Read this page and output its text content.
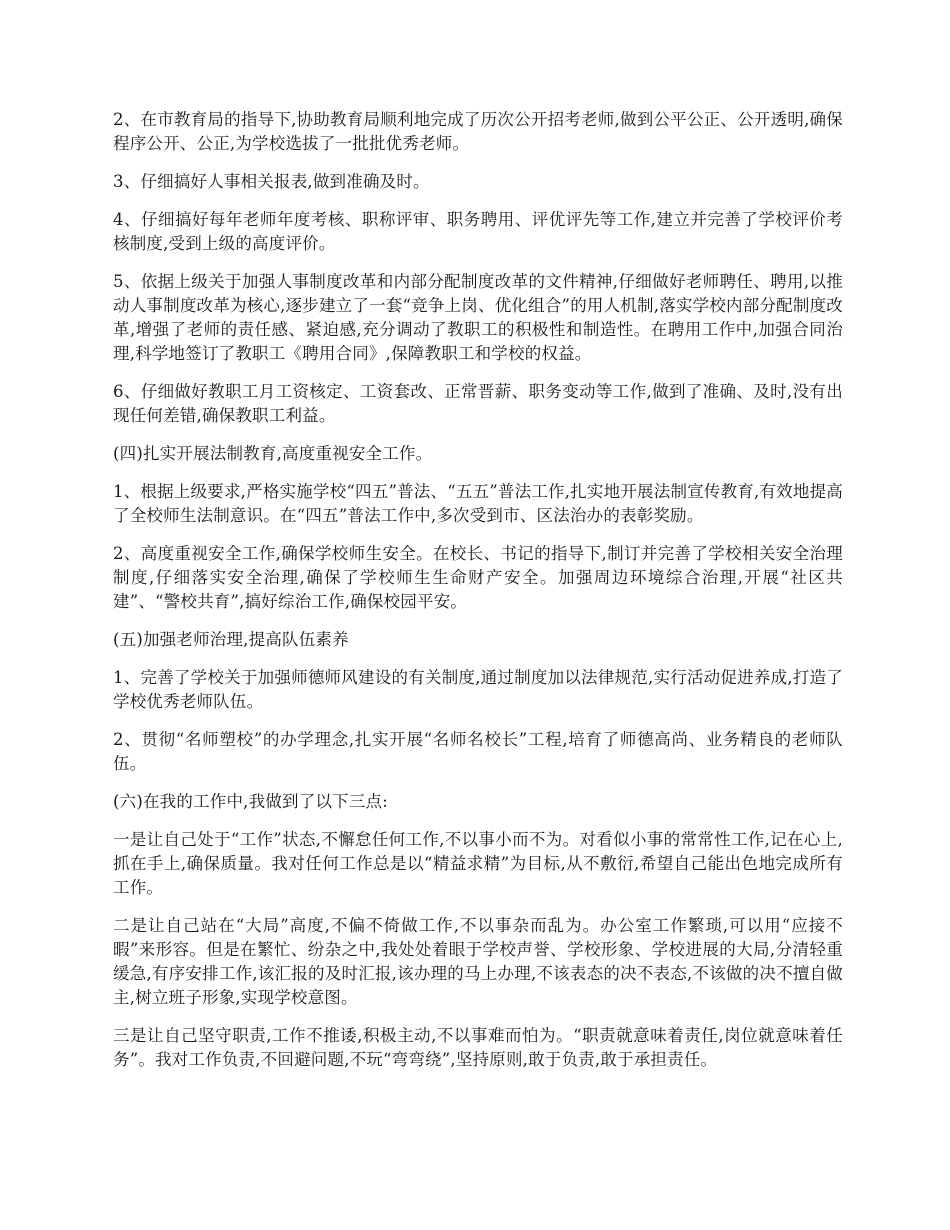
2、在市教育局的指导下,协助教育局顺利地完成了历次公开招考老师,做到公平公正、公开透明,确保程序公开、公正,为学校选拔了一批批优秀老师。

3、仔细搞好人事相关报表,做到准确及时。

4、仔细搞好每年老师年度考核、职称评审、职务聘用、评优评先等工作,建立并完善了学校评价考核制度,受到上级的高度评价。

5、依据上级关于加强人事制度改革和内部分配制度改革的文件精神,仔细做好老师聘任、聘用,以推动人事制度改革为核心,逐步建立了一套“竞争上岗、优化组合”的用人机制,落实学校内部分配制度改革,增强了老师的责任感、紧迫感,充分调动了教职工的积极性和制造性。在聘用工作中,加强合同治理,科学地签订了教职工《聘用合同》,保障教职工和学校的权益。

6、仔细做好教职工月工资核定、工资套改、正常晋薪、职务变动等工作,做到了准确、及时,没有出现任何差错,确保教职工利益。

(四)扎实开展法制教育,高度重视安全工作。

1、根据上级要求,严格实施学校“四五”普法、“五五”普法工作,扎实地开展法制宣传教育,有效地提高了全校师生法制意识。在“四五”普法工作中,多次受到市、区法治办的表彰奖励。

2、高度重视安全工作,确保学校师生安全。在校长、书记的指导下,制订并完善了学校相关安全治理制度,仔细落实安全治理,确保了学校师生生命财产安全。加强周边环境综合治理,开展“社区共建”、“警校共育”,搞好综治工作,确保校园平安。

(五)加强老师治理,提高队伍素养

1、完善了学校关于加强师德师风建设的有关制度,通过制度加以法律规范,实行活动促进养成,打造了学校优秀老师队伍。

2、贯彻“名师塑校”的办学理念,扎实开展“名师名校长”工程,培育了师德高尚、业务精良的老师队伍。

(六)在我的工作中,我做到了以下三点:

一是让自己处于“工作”状态,不懈怠任何工作,不以事小而不为。对看似小事的常常性工作,记在心上,抓在手上,确保质量。我对任何工作总是以“精益求精”为目标,从不敷衍,希望自己能出色地完成所有工作。

二是让自己站在“大局”高度,不偏不倚做工作,不以事杂而乱为。办公室工作繁琐,可以用“应接不暇”来形容。但是在繁忙、纷杂之中,我处处着眼于学校声誉、学校形象、学校进展的大局,分清轻重缓急,有序安排工作,该汇报的及时汇报,该办理的马上办理,不该表态的决不表态,不该做的决不擅自做主,树立班子形象,实现学校意图。

三是让自己坚守职责,工作不推诿,积极主动,不以事难而怕为。“职责就意味着责任,岗位就意味着任务”。我对工作负责,不回避问题,不玩“弯弯绕”,坚持原则,敢于负责,敢于承担责任。
